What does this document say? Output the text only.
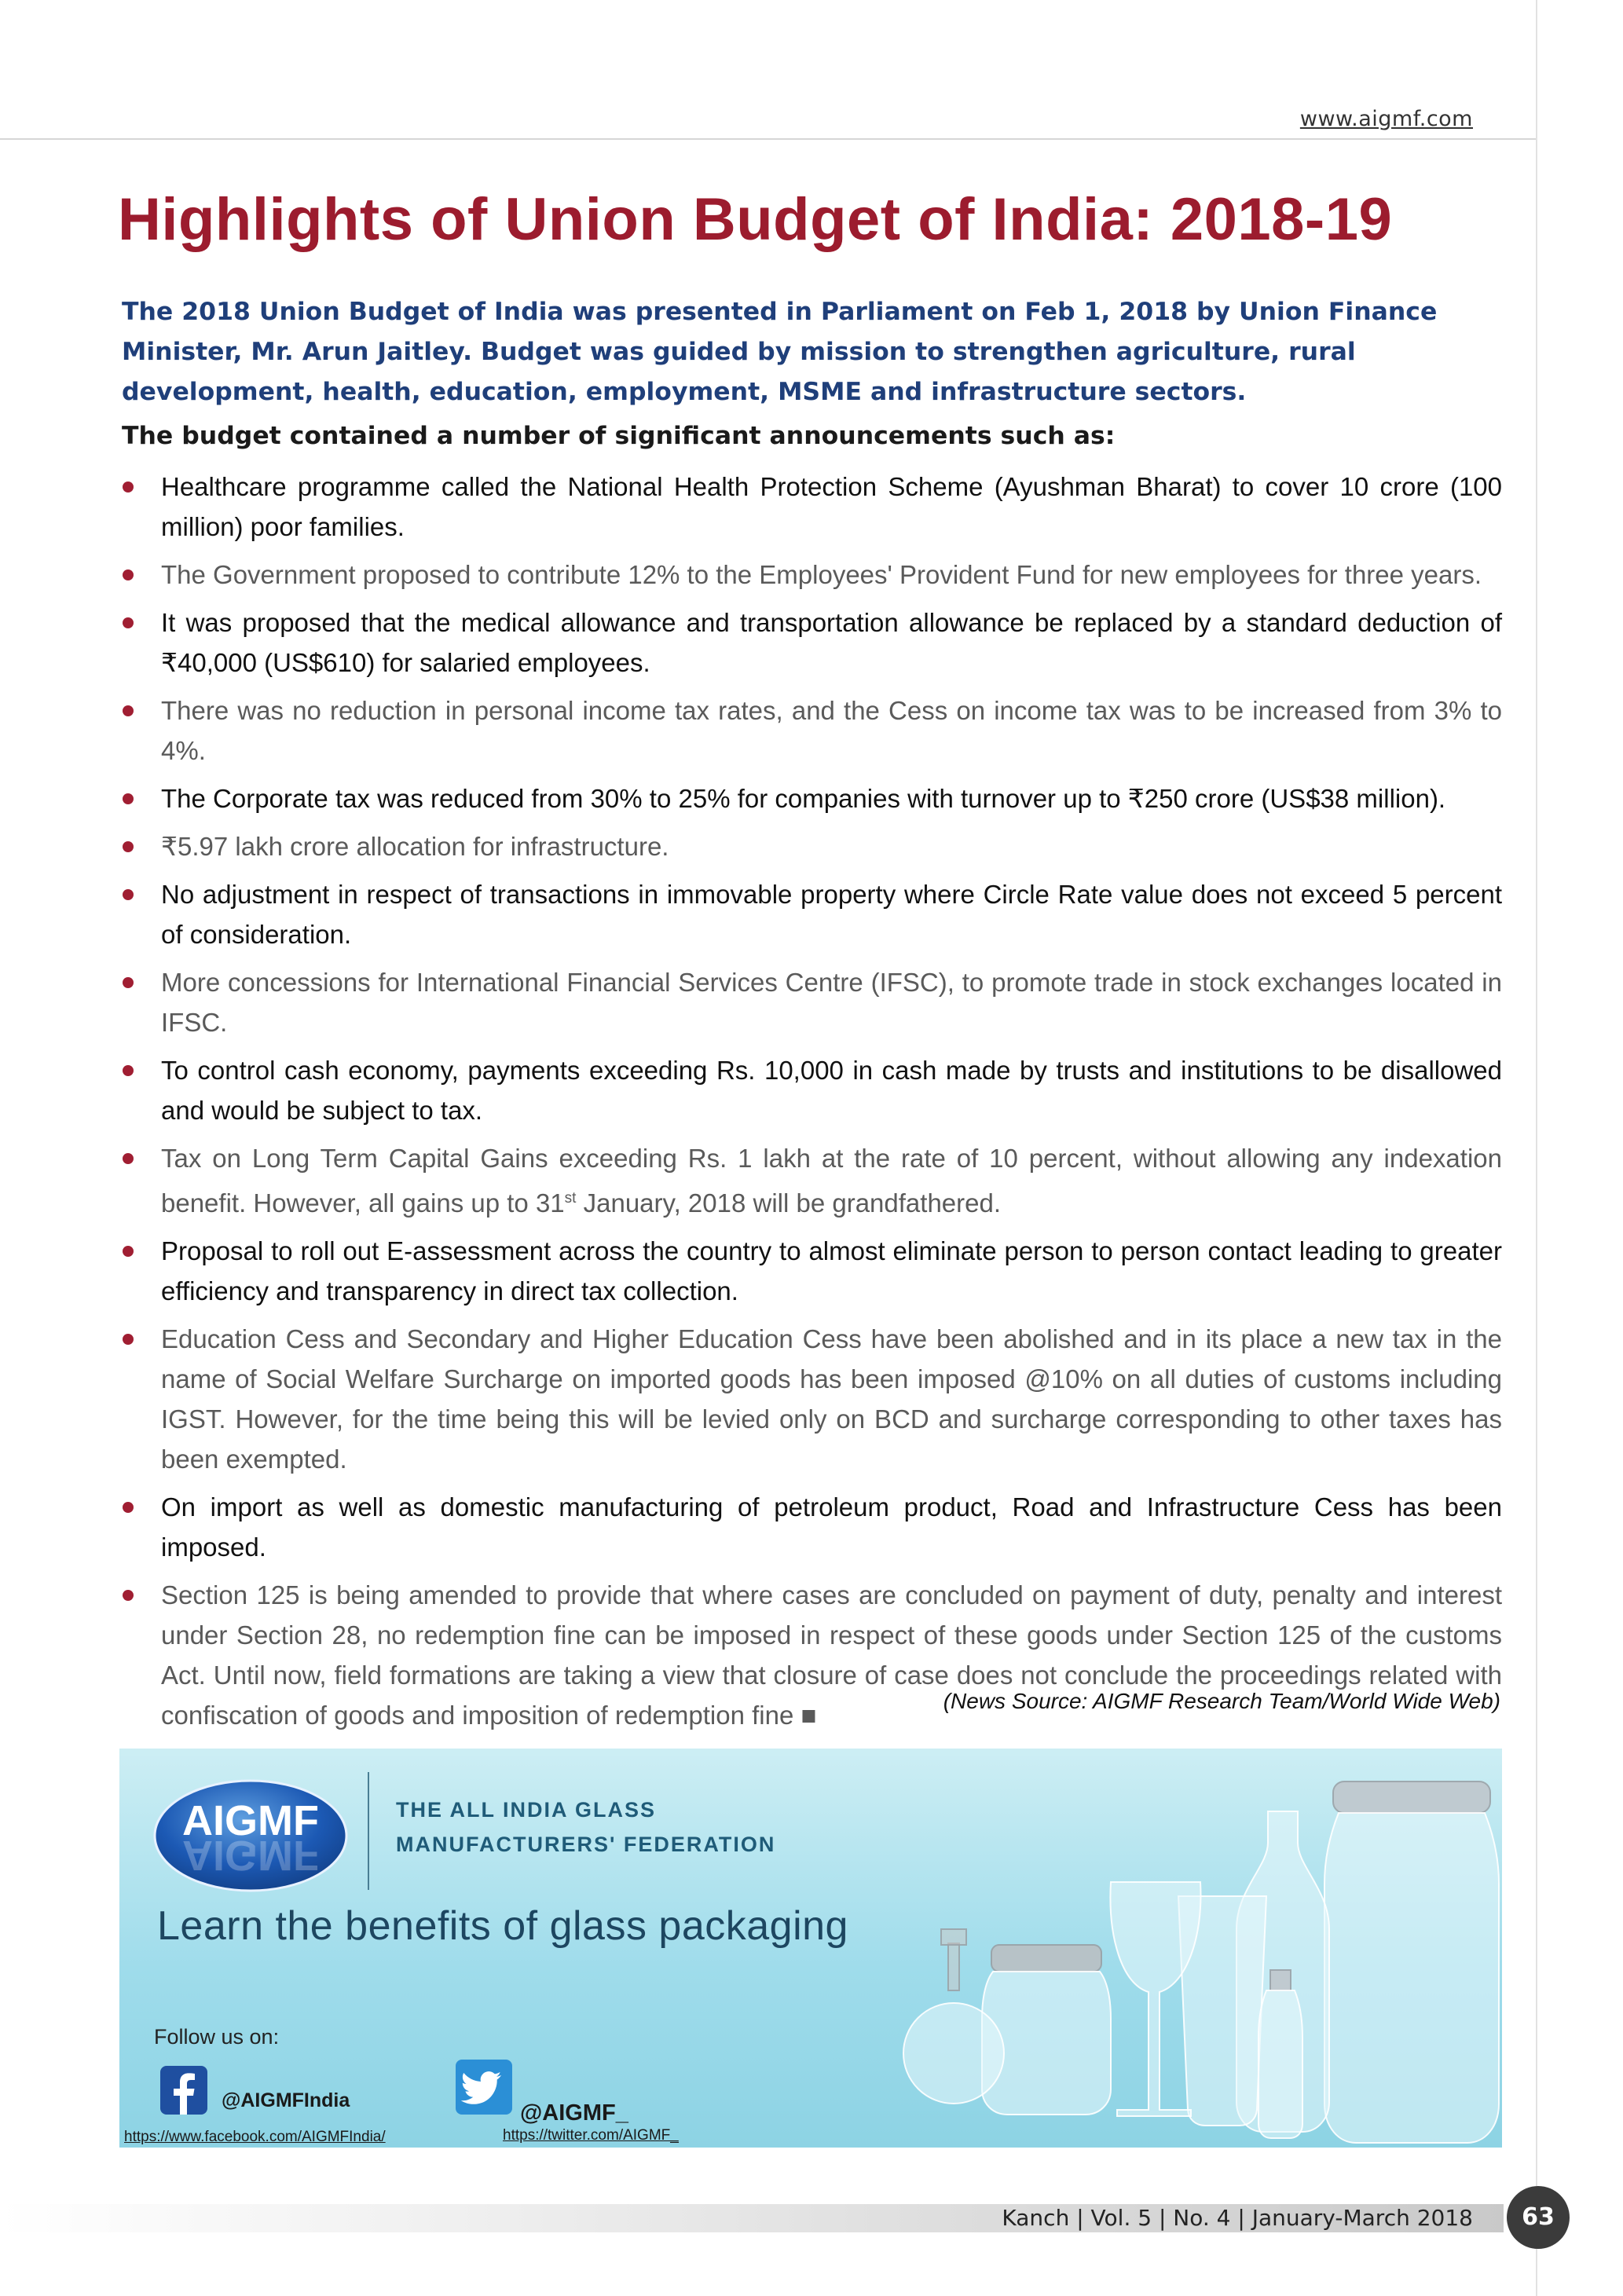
www.aigmf.com
Highlights of Union Budget of India: 2018-19

The 2018 Union Budget of India was presented in Parliament on Feb 1, 2018 by Union Finance Minister, Mr. Arun Jaitley. Budget was guided by mission to strengthen agriculture, rural development, health, education, employment, MSME and infrastructure sectors.

The budget contained a number of significant announcements such as:

Healthcare programme called the National Health Protection Scheme (Ayushman Bharat) to cover 10 crore (100 million) poor families.
The Government proposed to contribute 12% to the Employees' Provident Fund for new employees for three years.
It was proposed that the medical allowance and transportation allowance be replaced by a standard deduction of ₹40,000 (US$610) for salaried employees.
There was no reduction in personal income tax rates, and the Cess on income tax was to be increased from 3% to 4%.
The Corporate tax was reduced from 30% to 25% for companies with turnover up to ₹250 crore (US$38 million).
₹5.97 lakh crore allocation for infrastructure.
No adjustment in respect of transactions in immovable property where Circle Rate value does not exceed 5 percent of consideration.
More concessions for International Financial Services Centre (IFSC), to promote trade in stock exchanges located in IFSC.
To control cash economy, payments exceeding Rs. 10,000 in cash made by trusts and institutions to be disallowed and would be subject to tax.
Tax on Long Term Capital Gains exceeding Rs. 1 lakh at the rate of 10 percent, without allowing any indexation benefit. However, all gains up to 31st January, 2018 will be grandfathered.
Proposal to roll out E-assessment across the country to almost eliminate person to person contact leading to greater efficiency and transparency in direct tax collection.
Education Cess and Secondary and Higher Education Cess have been abolished and in its place a new tax in the name of Social Welfare Surcharge on imported goods has been imposed @10% on all duties of customs including IGST. However, for the time being this will be levied only on BCD and surcharge corresponding to other taxes has been exempted.
On import as well as domestic manufacturing of petroleum product, Road and Infrastructure Cess has been imposed.
Section 125 is being amended to provide that where cases are concluded on payment of duty, penalty and interest under Section 28, no redemption fine can be imposed in respect of these goods under Section 125 of the customs Act. Until now, field formations are taking a view that closure of case does not conclude the proceedings related with confiscation of goods and imposition of redemption fine ■	(News Source: AIGMF Research Team/World Wide Web)
AIGMF
AIGMF
THE ALL INDIA GLASS
MANUFACTURERS' FEDERATION
Learn the benefits of glass packaging
Follow us on:
@AIGMFIndia	@AIGMF_
https://www.facebook.com/AIGMFIndia/	https://twitter.com/AIGMF_
Kanch | Vol. 5 | No. 4 | January-March 2018	63
